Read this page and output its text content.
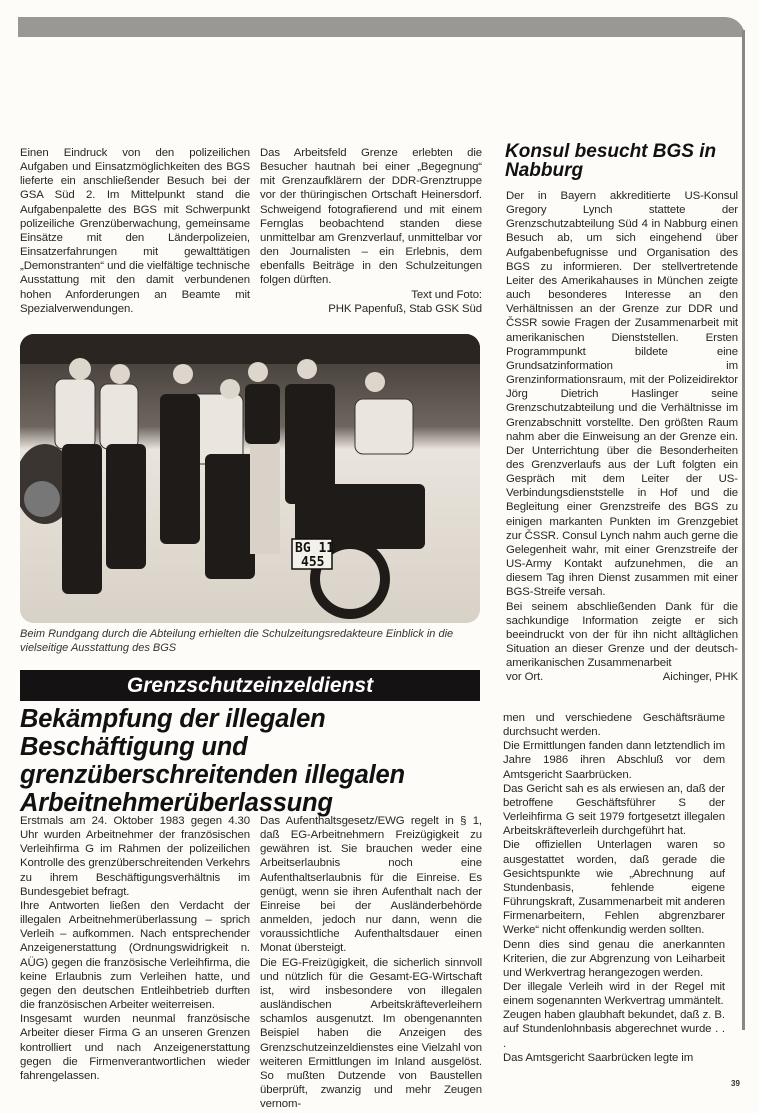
Einen Eindruck von den polizeilichen Aufgaben und Einsatzmöglichkeiten des BGS lieferte ein anschließender Besuch bei der GSA Süd 2. Im Mittelpunkt stand die Aufgabenpalette des BGS mit Schwerpunkt polizeiliche Grenzüberwachung, gemeinsame Einsätze mit den Länderpolizeien, Einsatzerfahrungen mit gewalttätigen „Demonstranten“ und die vielfältige technische Ausstattung mit den damit verbundenen hohen Anforderungen an Beamte mit Spezialverwendungen.

Das Arbeitsfeld Grenze erlebten die Besucher hautnah bei einer „Begegnung“ mit Grenzaufklärern der DDR-Grenztruppe vor der thüringischen Ortschaft Heinersdorf. Schweigend fotografierend und mit einem Fernglas beobachtend standen diese unmittelbar am Grenzverlauf, unmittelbar vor den Journalisten – ein Erlebnis, dem ebenfalls Beiträge in den Schulzeitungen folgen dürften.

Text und Foto:

PHK Papenfuß, Stab GSK Süd

Konsul besucht BGS in Nabburg

Der in Bayern akkreditierte US-Konsul Gregory Lynch stattete der Grenzschutzabteilung Süd 4 in Nabburg einen Besuch ab, um sich eingehend über Aufgabenbefugnisse und Organisation des BGS zu informieren. Der stellvertretende Leiter des Amerikahauses in München zeigte auch besonderes Interesse an den Verhältnissen an der Grenze zur DDR und ČSSR sowie Fragen der Zusammenarbeit mit amerikanischen Dienststellen. Ersten Programmpunkt bildete eine Grundsatzinformation im Grenzinformationsraum, mit der Polizeidirektor Jörg Dietrich Haslinger seine Grenzschutzabteilung und die Verhältnisse im Grenzabschnitt vorstellte. Den größten Raum nahm aber die Einweisung an der Grenze ein. Der Unterrichtung über die Besonderheiten des Grenzverlaufs aus der Luft folgten ein Gespräch mit dem Leiter der US-Verbindungsdienststelle in Hof und die Begleitung einer Grenzstreife des BGS zu einigen markanten Punkten im Grenzgebiet zur ČSSR. Consul Lynch nahm auch gerne die Gelegenheit wahr, mit einer Grenzstreife der US-Army Kontakt aufzunehmen, die an diesem Tag ihren Dienst zusammen mit einer BGS-Streife versah.

Bei seinem abschließenden Dank für die sachkundige Information zeigte er sich beeindruckt von der für ihn nicht alltäglichen Situation an dieser Grenze und der deutsch-amerikanischen Zusammenarbeit

vor Ort.	Aichinger, PHK

BG 11
455
Beim Rundgang durch die Abteilung erhielten die Schulzeitungsredakteure Einblick in die vielseitige Ausstattung des BGS
Grenzschutzeinzeldienst
Bekämpfung der illegalen Beschäftigung und grenzüberschreitenden illegalen Arbeitnehmerüberlassung

Erstmals am 24. Oktober 1983 gegen 4.30 Uhr wurden Arbeitnehmer der französischen Verleihfirma G im Rahmen der polizeilichen Kontrolle des grenzüberschreitenden Verkehrs zu ihrem Beschäftigungsverhältnis im Bundesgebiet befragt.

Ihre Antworten ließen den Verdacht der illegalen Arbeitnehmerüberlassung – sprich Verleih – aufkommen. Nach entsprechender Anzeigenerstattung (Ordnungswidrigkeit n. AÜG) gegen die französische Verleihfirma, die keine Erlaubnis zum Verleihen hatte, und gegen den deutschen Entleihbetrieb durften die französischen Arbeiter weiterreisen.

Insgesamt wurden neunmal französische Arbeiter dieser Firma G an unseren Grenzen kontrolliert und nach Anzeigenerstattung gegen die Firmenverantwortlichen wieder fahrengelassen.

Das Aufenthaltsgesetz/EWG regelt in § 1, daß EG-Arbeitnehmern Freizügigkeit zu gewähren ist. Sie brauchen weder eine Arbeitserlaubnis noch eine Aufenthaltserlaubnis für die Einreise. Es genügt, wenn sie ihren Aufenthalt nach der Einreise bei der Ausländerbehörde anmelden, jedoch nur dann, wenn die voraussichtliche Aufenthaltsdauer einen Monat übersteigt.

Die EG-Freizügigkeit, die sicherlich sinnvoll und nützlich für die Gesamt-EG-Wirtschaft ist, wird insbesondere von illegalen ausländischen Arbeitskräfteverleihern schamlos ausgenutzt. Im obengenannten Beispiel haben die Anzeigen des Grenzschutzeinzeldienstes eine Vielzahl von weiteren Ermittlungen im Inland ausgelöst. So mußten Dutzende von Baustellen überprüft, zwanzig und mehr Zeugen vernom-

men und verschiedene Geschäftsräume durchsucht werden.

Die Ermittlungen fanden dann letztendlich im Jahre 1986 ihren Abschluß vor dem Amtsgericht Saarbrücken.

Das Gericht sah es als erwiesen an, daß der betroffene Geschäftsführer S der Verleihfirma G seit 1979 fortgesetzt illegalen Arbeitskräfteverleih durchgeführt hat.

Die offiziellen Unterlagen waren so ausgestattet worden, daß gerade die Gesichtspunkte wie „Abrechnung auf Stundenbasis, fehlende eigene Führungskraft, Zusammenarbeit mit anderen Firmenarbeitern, Fehlen abgrenzbarer Werke“ nicht offenkundig werden sollten.

Denn dies sind genau die anerkannten Kriterien, die zur Abgrenzung von Leiharbeit und Werkvertrag herangezogen werden.

Der illegale Verleih wird in der Regel mit einem sogenannten Werkvertrag ummäntelt.

Zeugen haben glaubhaft bekundet, daß z. B. auf Stundenlohnbasis abgerechnet wurde . . .

Das Amtsgericht Saarbrücken legte im

39
